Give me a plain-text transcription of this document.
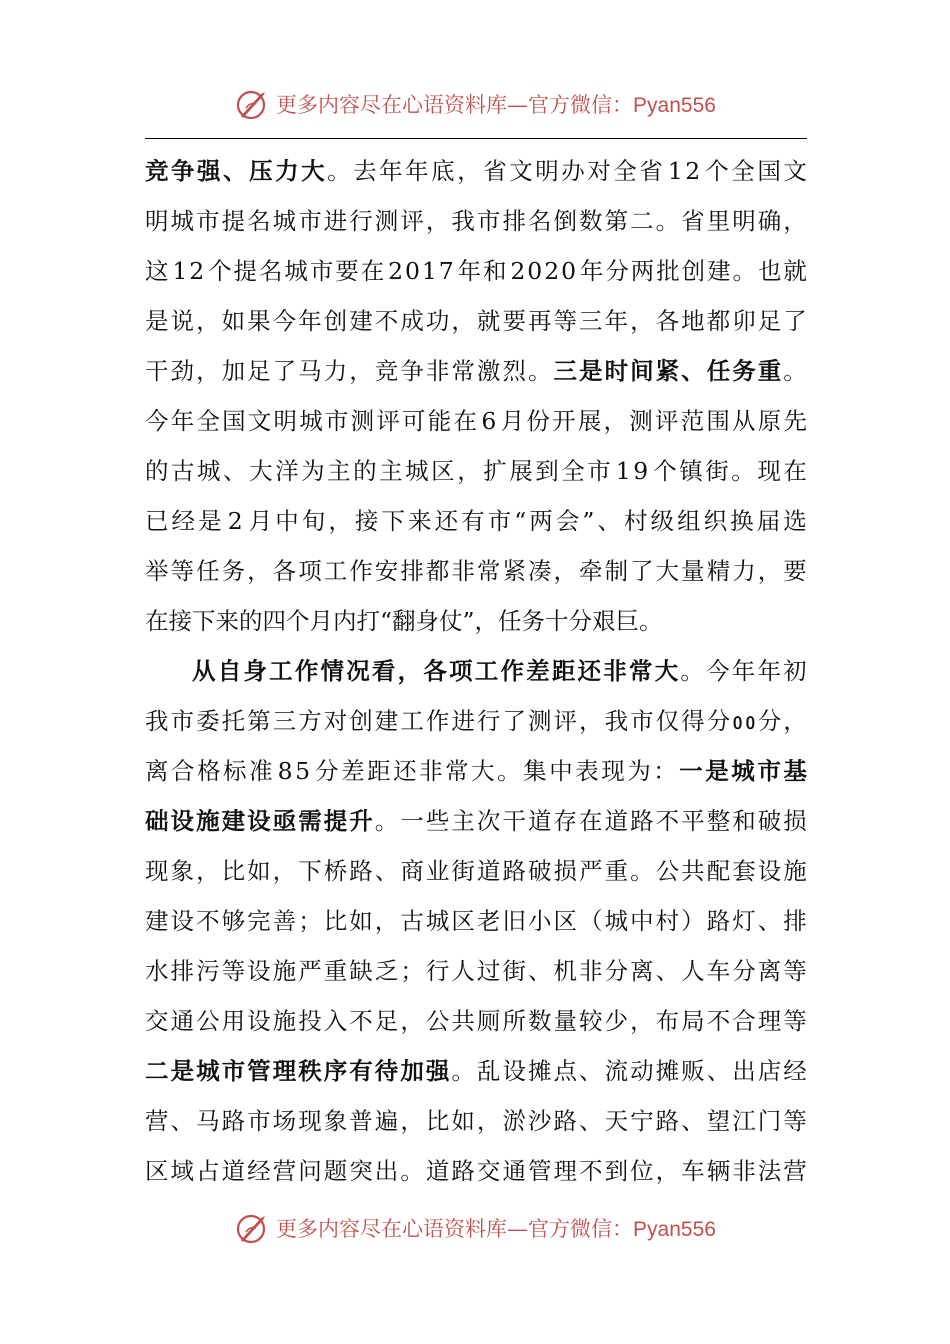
更多内容尽在心语资料库—官方微信：Pyan556
竞 争 强 、 压 力 大 。 去 年 年 底 ， 省 文 明 办 对 全 省 1 2 个 全 国 文
明 城 市 提 名 城 市 进 行 测 评 ， 我 市 排 名 倒 数 第 二 。 省 里 明 确 ，
这 1 2 个 提 名 城 市 要 在 2 0 1 7 年 和 2 0 2 0 年 分 两 批 创 建 。 也 就
是 说 ， 如 果 今 年 创 建 不 成 功 ， 就 要 再 等 三 年 ， 各 地 都 卯 足 了
干 劲 ， 加 足 了 马 力 ， 竞 争 非 常 激 烈 。 三 是 时 间 紧 、 任 务 重 。
今 年 全 国 文 明 城 市 测 评 可 能 在 6 月 份 开 展 ， 测 评 范 围 从 原 先
的 古 城 、 大 洋 为 主 的 主 城 区 ， 扩 展 到 全 市 1 9 个 镇 街 。 现 在
已 经 是 2 月 中 旬 ， 接 下 来 还 有 市 “ 两 会 ” 、 村 级 组 织 换 届 选
举 等 任 务 ， 各 项 工 作 安 排 都 非 常 紧 凑 ， 牵 制 了 大 量 精 力 ， 要
在 接 下 来 的 四 个 月 内 打 “ 翻 身 仗 ” ， 任 务 十 分 艰 巨 。
从 自 身 工 作 情 况 看 ， 各 项 工 作 差 距 还 非 常 大 。 今 年 年 初
我 市 委 托 第 三 方 对 创 建 工 作 进 行 了 测 评 ， 我 市 仅 得 分 ᲂ ᲂ 分 ，
离 合 格 标 准 8 5 分 差 距 还 非 常 大 。 集 中 表 现 为 ： 一 是 城 市 基
础 设 施 建 设 亟 需 提 升 。 一 些 主 次 干 道 存 在 道 路 不 平 整 和 破 损
现 象 ， 比 如 ， 下 桥 路 、 商 业 街 道 路 破 损 严 重 。 公 共 配 套 设 施
建 设 不 够 完 善 ； 比 如 ， 古 城 区 老 旧 小 区 （ 城 中 村 ） 路 灯 、 排
水 排 污 等 设 施 严 重 缺 乏 ； 行 人 过 街 、 机 非 分 离 、 人 车 分 离 等
交 通 公 用 设 施 投 入 不 足 ， 公 共 厕 所 数 量 较 少 ， 布 局 不 合 理 等
二 是 城 市 管 理 秩 序 有 待 加 强 。 乱 设 摊 点 、 流 动 摊 贩 、 出 店 经
营 、 马 路 市 场 现 象 普 遍 ， 比 如 ， 淤 沙 路 、 天 宁 路 、 望 江 门 等
区 域 占 道 经 营 问 题 突 出 。 道 路 交 通 管 理 不 到 位 ， 车 辆 非 法 营
更多内容尽在心语资料库—官方微信：Pyan556
